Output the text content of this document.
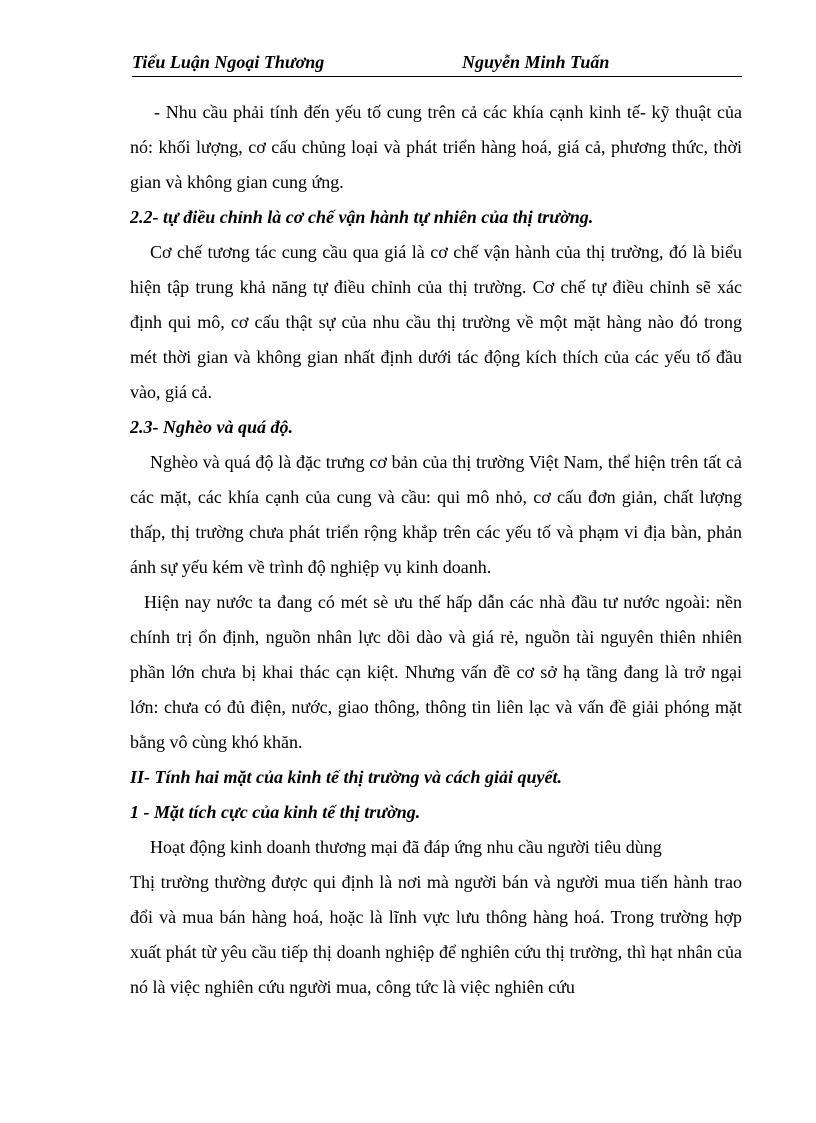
Tiểu Luận Ngoại Thương	Nguyễn Minh Tuấn

- Nhu cầu phải tính đến yếu tố cung trên cả các khía cạnh kinh tế- kỹ thuật của nó: khối lượng, cơ cấu chủng loại và phát triển hàng hoá, giá cả, phương thức, thời gian và không gian cung ứng.

2.2- tự điều chỉnh là cơ chế vận hành tự nhiên của thị trường.

Cơ chế tương tác cung cầu qua giá là cơ chế vận hành của thị trường, đó là biểu hiện tập trung khả năng tự điều chỉnh của thị trường. Cơ chế tự điều chỉnh sẽ xác định qui mô, cơ cấu thật sự của nhu cầu thị trường về một mặt hàng nào đó trong mét thời gian và không gian nhất định dưới tác động kích thích của các yếu tố đầu vào, giá cả.

2.3- Nghèo và quá độ.

Nghèo và quá độ là đặc trưng cơ bản của thị trường Việt Nam, thể hiện trên tất cả các mặt, các khía cạnh của cung và cầu: qui mô nhỏ, cơ cấu đơn giản, chất lượng thấp, thị trường chưa phát triển rộng khắp trên các yếu tố và phạm vi địa bàn, phản ánh sự yếu kém về trình độ nghiệp vụ kinh doanh.

Hiện nay nước ta đang có mét sè ưu thế hấp dẫn các nhà đầu tư nước ngoài: nền chính trị ổn định, nguồn nhân lực dồi dào và giá rẻ, nguồn tài nguyên thiên nhiên phần lớn chưa bị khai thác cạn kiệt. Nhưng vấn đề cơ sở hạ tầng đang là trở ngại lớn: chưa có đủ điện, nước, giao thông, thông tin liên lạc và vấn đề giải phóng mặt bằng vô cùng khó khăn.

II- Tính hai mặt của kinh tế thị trường và cách giải quyết.

1 - Mặt tích cực của kinh tế thị trường.

Hoạt động kinh doanh thương mại đã đáp ứng nhu cầu người tiêu dùng

Thị trường thường được qui định là nơi mà người bán và người mua tiến hành trao đổi và mua bán hàng hoá, hoặc là lĩnh vực lưu thông hàng hoá. Trong trường hợp xuất phát từ yêu cầu tiếp thị doanh nghiệp để nghiên cứu thị trường, thì hạt nhân của nó là việc nghiên cứu người mua, công tức là việc nghiên cứu
